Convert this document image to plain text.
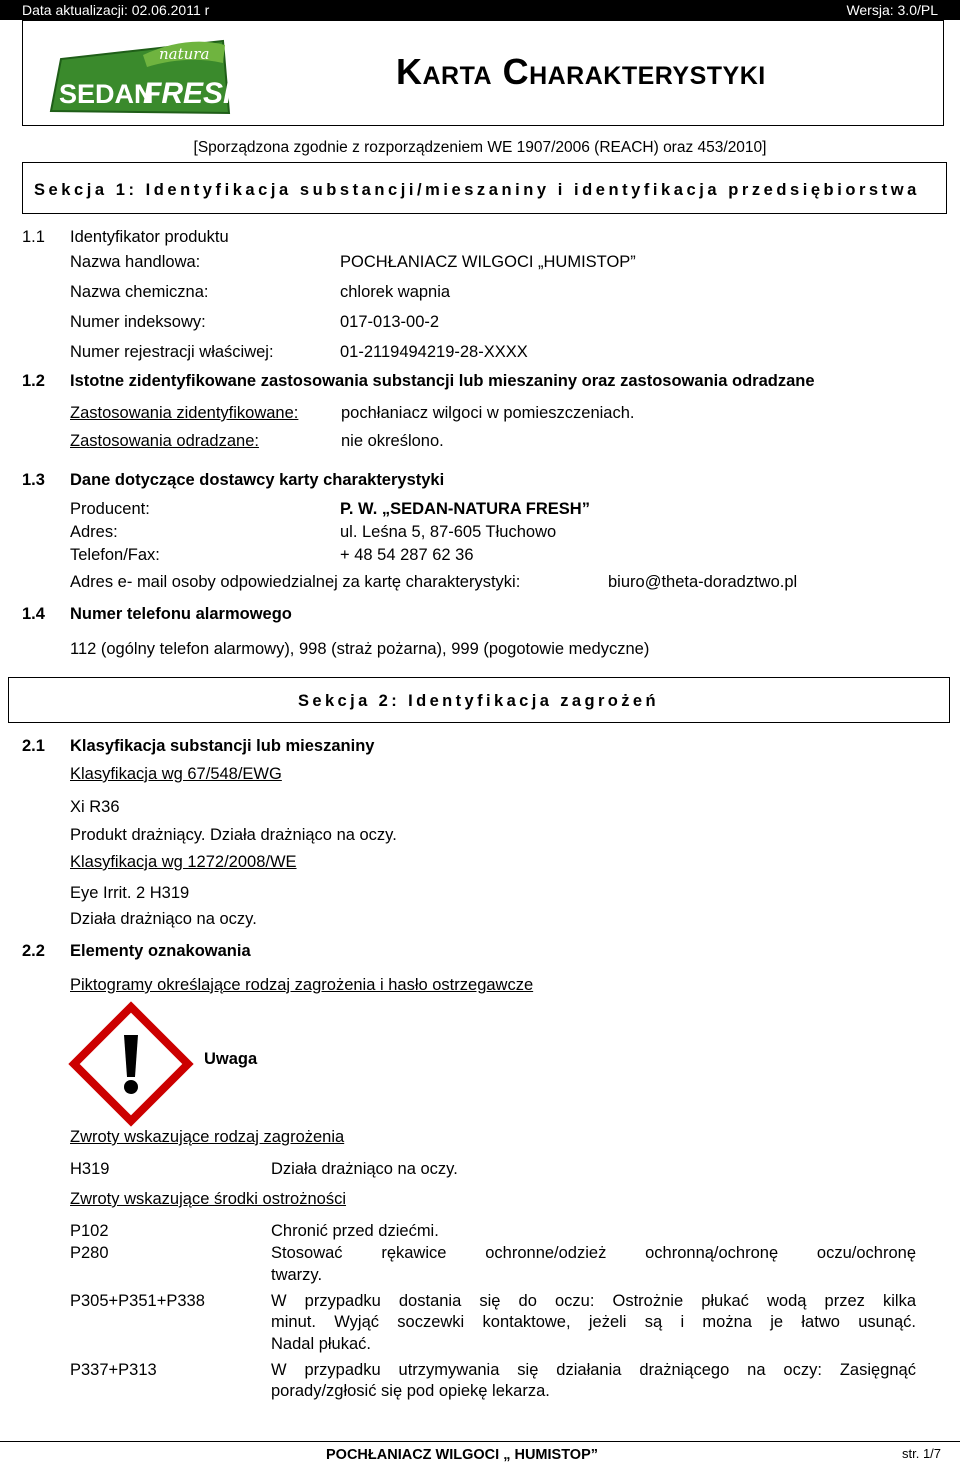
Data aktualizacji: 02.06.2011 r	Wersja: 3.0/PL
natura
SEDAN
FRESH
Karta Charakterystyki
[Sporządzona zgodnie z rozporządzeniem WE 1907/2006 (REACH) oraz 453/2010]
Sekcja 1: Identyfikacja substancji/mieszaniny i identyfikacja przedsiębiorstwa
1.1 Identyfikator produktu
Nazwa handlowa:	POCHŁANIACZ WILGOCI „HUMISTOP”
Nazwa chemiczna:	chlorek wapnia
Numer indeksowy:	017-013-00-2
Numer rejestracji właściwej:	01-2119494219-28-XXXX
1.2 Istotne zidentyfikowane zastosowania substancji lub mieszaniny oraz zastosowania odradzane
Zastosowania zidentyfikowane:	pochłaniacz wilgoci w pomieszczeniach.
Zastosowania odradzane:	nie określono.
1.3 Dane dotyczące dostawcy karty charakterystyki
Producent:	P. W. „SEDAN-NATURA FRESH”
Adres:	ul. Leśna 5, 87-605 Tłuchowo
Telefon/Fax:	+ 48 54 287 62 36
Adres e- mail osoby odpowiedzialnej za kartę charakterystyki:	biuro@theta-doradztwo.pl
1.4 Numer telefonu alarmowego
112 (ogólny telefon alarmowy), 998 (straż pożarna), 999 (pogotowie medyczne)
Sekcja 2: Identyfikacja zagrożeń
2.1 Klasyfikacja substancji lub mieszaniny
Klasyfikacja wg 67/548/EWG
Xi R36
Produkt drażniący. Działa drażniąco na oczy.
Klasyfikacja wg 1272/2008/WE
Eye Irrit. 2 H319
Działa drażniąco na oczy.
2.2 Elementy oznakowania
Piktogramy określające rodzaj zagrożenia i hasło ostrzegawcze
Uwaga
Zwroty wskazujące rodzaj zagrożenia
H319	Działa drażniąco na oczy.
Zwroty wskazujące środki ostrożności
P102	Chronić przed dziećmi.
P280	Stosować rękawice ochronne/odzież ochronną/ochronę oczu/ochronę
twarzy.
P305+P351+P338	W przypadku dostania się do oczu: Ostrożnie płukać wodą przez kilka
minut. Wyjąć soczewki kontaktowe, jeżeli są i można je łatwo usunąć.
Nadal płukać.
P337+P313	W przypadku utrzymywania się działania drażniącego na oczy: Zasięgnąć
porady/zgłosić się pod opiekę lekarza.
POCHŁANIACZ WILGOCI „ HUMISTOP”	str. 1/7
